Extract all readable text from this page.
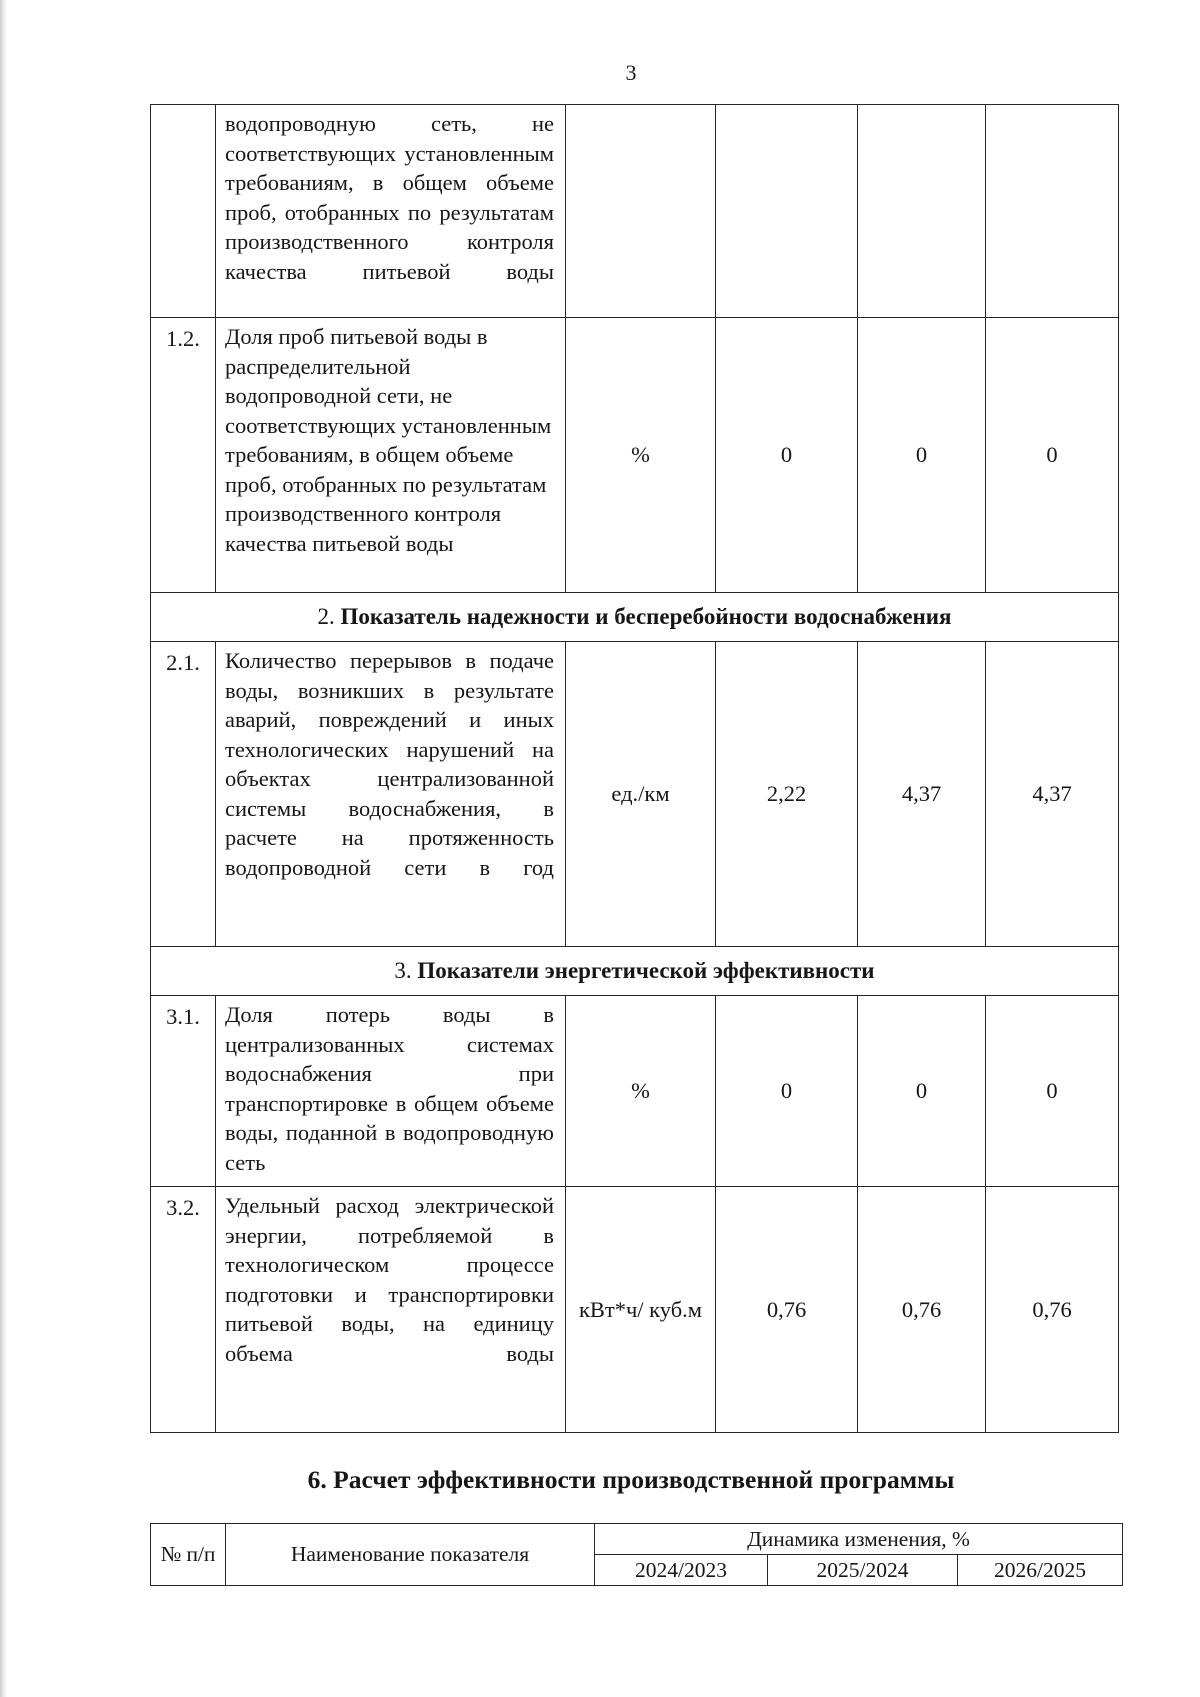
3
	водопроводную сеть, не соответствующих установленным требованиям, в общем объеме проб, отобранных по результатам производственного контроля качества питьевой воды				
1.2.	Доля проб питьевой воды в распределительной водопроводной сети, не соответствующих установленным требованиям, в общем объеме проб, отобранных по результатам производственного контроля качества питьевой воды	%	0	0	0
2. Показатель надежности и бесперебойности водоснабжения					
2.1.	Количество перерывов в подаче воды, возникших в результате аварий, повреждений и иных технологических нарушений на объектах централизованной системы водоснабжения, в расчете на протяженность водопроводной сети в год	ед./км	2,22	4,37	4,37
3. Показатели энергетической эффективности					
3.1.	Доля потерь воды в централизованных системах водоснабжения при транспортировке в общем объеме воды, поданной в водопроводную сеть	%	0	0	0
3.2.	Удельный расход электрической энергии, потребляемой в технологическом процессе подготовки и транспортировки питьевой воды, на единицу объема воды	кВт*ч/ куб.м	0,76	0,76	0,76
6. Расчет эффективности производственной программы
№ п/п	Наименование показателя	Динамика изменения, %		
		2024/2023	2025/2024	2026/2025
